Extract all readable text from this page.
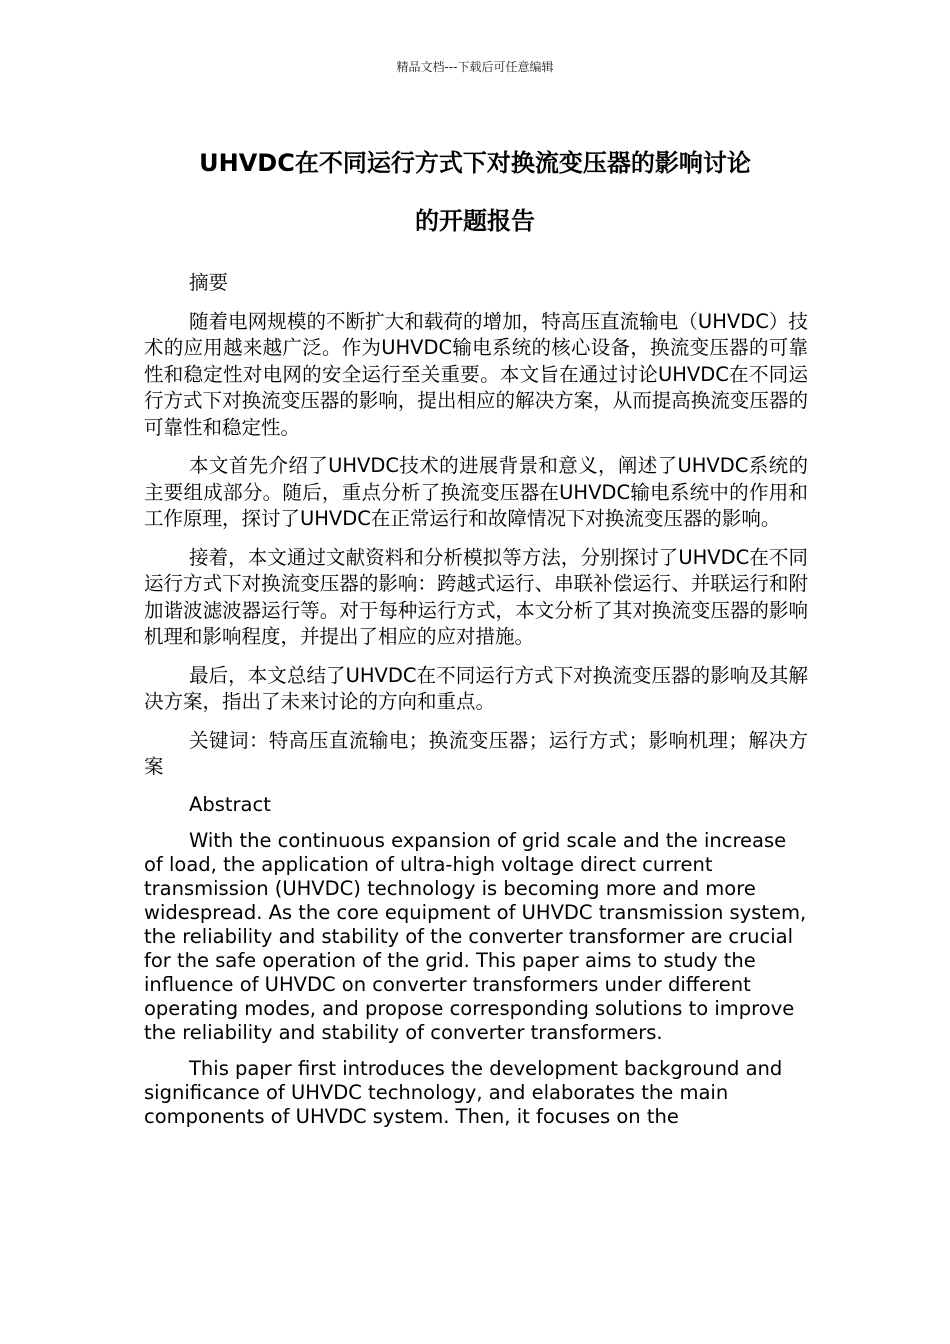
精品文档---下载后可任意编辑
UHVDC在不同运行方式下对换流变压器的影响讨论
的开题报告

摘要

随着电网规模的不断扩大和载荷的增加，特高压直流输电（UHVDC）技术的应用越来越广泛。作为UHVDC输电系统的核心设备，换流变压器的可靠性和稳定性对电网的安全运行至关重要。本文旨在通过讨论UHVDC在不同运行方式下对换流变压器的影响，提出相应的解决方案，从而提高换流变压器的可靠性和稳定性。

本文首先介绍了UHVDC技术的进展背景和意义，阐述了UHVDC系统的主要组成部分。随后，重点分析了换流变压器在UHVDC输电系统中的作用和工作原理，探讨了UHVDC在正常运行和故障情况下对换流变压器的影响。

接着，本文通过文献资料和分析模拟等方法，分别探讨了UHVDC在不同运行方式下对换流变压器的影响：跨越式运行、串联补偿运行、并联运行和附加谐波滤波器运行等。对于每种运行方式，本文分析了其对换流变压器的影响机理和影响程度，并提出了相应的应对措施。

最后，本文总结了UHVDC在不同运行方式下对换流变压器的影响及其解决方案，指出了未来讨论的方向和重点。

关键词：特高压直流输电；换流变压器；运行方式；影响机理；解决方案

Abstract

With the continuous expansion of grid scale and the increase of load, the application of ultra-high voltage direct current transmission (UHVDC) technology is becoming more and more widespread. As the core equipment of UHVDC transmission system, the reliability and stability of the converter transformer are crucial for the safe operation of the grid. This paper aims to study the influence of UHVDC on converter transformers under different operating modes, and propose corresponding solutions to improve the reliability and stability of converter transformers.

This paper first introduces the development background and significance of UHVDC technology, and elaborates the main components of UHVDC system. Then, it focuses on the
